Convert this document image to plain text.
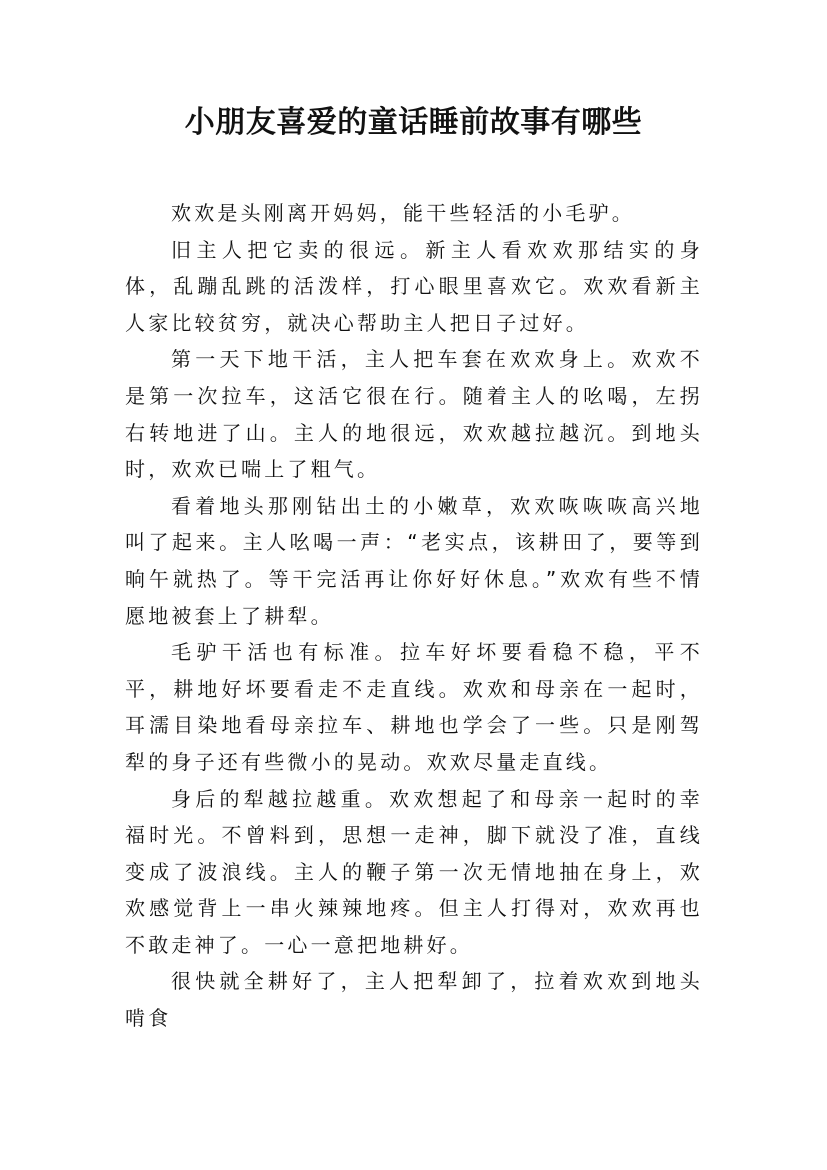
小朋友喜爱的童话睡前故事有哪些

欢欢是头刚离开妈妈，能干些轻活的小毛驴。

旧主人把它卖的很远。新主人看欢欢那结实的身体，乱蹦乱跳的活泼样，打心眼里喜欢它。欢欢看新主人家比较贫穷，就决心帮助主人把日子过好。

第一天下地干活，主人把车套在欢欢身上。欢欢不是第一次拉车，这活它很在行。随着主人的吆喝，左拐右转地进了山。主人的地很远，欢欢越拉越沉。到地头时，欢欢已喘上了粗气。

看着地头那刚钻出土的小嫩草，欢欢咴咴咴高兴地叫了起来。主人吆喝一声：“老实点，该耕田了，要等到晌午就热了。等干完活再让你好好休息。”欢欢有些不情愿地被套上了耕犁。

毛驴干活也有标准。拉车好坏要看稳不稳，平不平，耕地好坏要看走不走直线。欢欢和母亲在一起时，耳濡目染地看母亲拉车、耕地也学会了一些。只是刚驾犁的身子还有些微小的晃动。欢欢尽量走直线。

身后的犁越拉越重。欢欢想起了和母亲一起时的幸福时光。不曾料到，思想一走神，脚下就没了准，直线变成了波浪线。主人的鞭子第一次无情地抽在身上，欢欢感觉背上一串火辣辣地疼。但主人打得对，欢欢再也不敢走神了。一心一意把地耕好。

很快就全耕好了，主人把犁卸了，拉着欢欢到地头啃食
